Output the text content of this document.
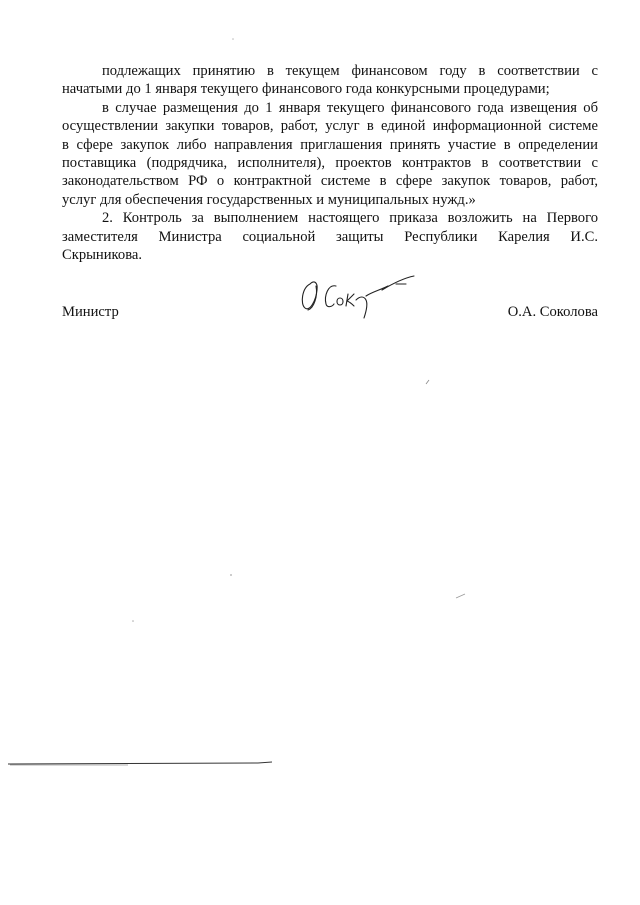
подлежащих принятию в текущем финансовом году в соответствии с
начатыми до 1 января текущего финансового года конкурсными процедурами;
в случае размещения до 1 января текущего финансового года извещения об
осуществлении закупки товаров, работ, услуг в единой информационной системе
в сфере закупок либо направления приглашения принять участие в определении
поставщика (подрядчика, исполнителя), проектов контрактов в соответствии с
законодательством РФ о контрактной системе в сфере закупок товаров, работ,
услуг для обеспечения государственных и муниципальных нужд.»
2. Контроль за выполнением настоящего приказа возложить на Первого
заместителя Министра социальной защиты Республики Карелия И.С.
Скрыникова.
Министр	О.А. Соколова
